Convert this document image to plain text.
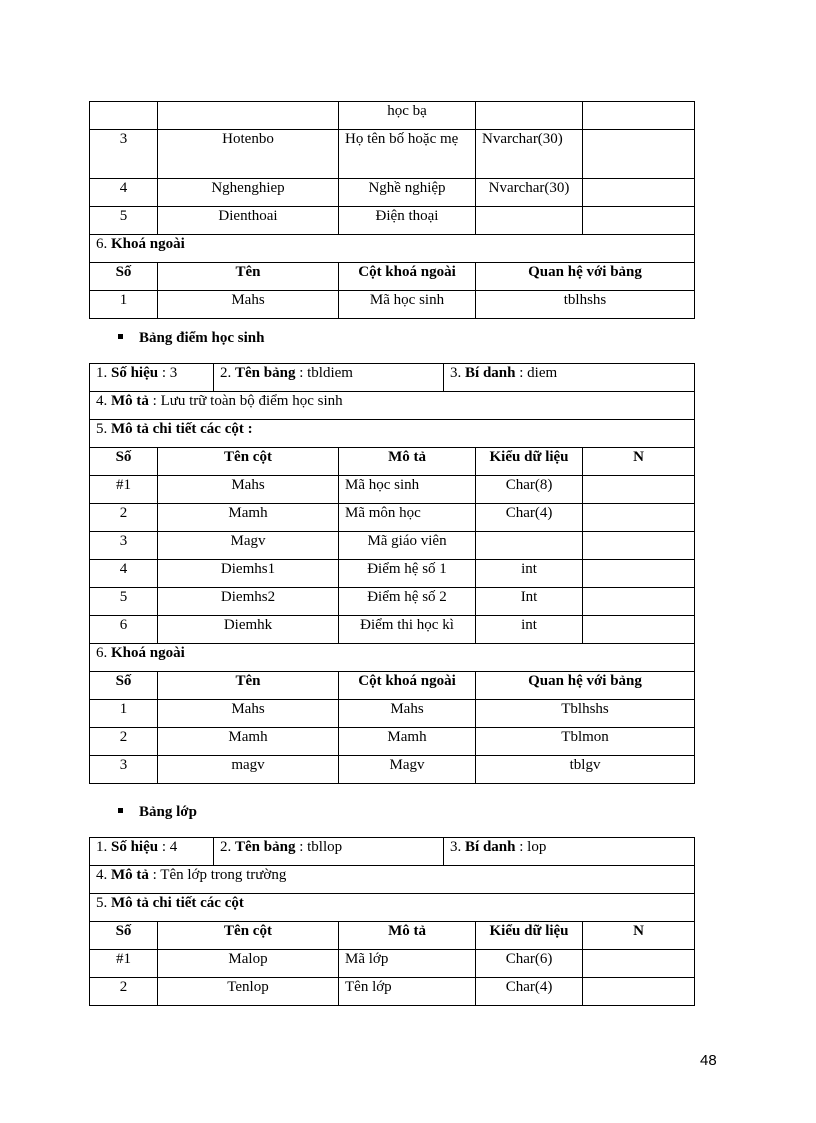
		học bạ		
3	Hotenbo	Họ tên bố hoặc mẹ	Nvarchar(30)	
4	Nghenghiep	Nghề nghiệp	Nvarchar(30)	
5	Dienthoai	Điện thoại		
6. Khoá ngoài				
Số	Tên	Cột khoá ngoài	Quan hệ với bảng	
1	Mahs	Mã học sinh	tblhshs	
Bảng điểm học sinh
1. Số hiệu : 3		2. Tên bảng : tbldiem		3. Bí danh : diem		
4. Mô tả : Lưu trữ toàn bộ điểm học sinh						
5. Mô tả chi tiết các cột :						
Số	Tên cột		Mô tả		Kiểu dữ liệu	N
#1	Mahs		Mã học sinh		Char(8)	
2	Mamh		Mã môn học		Char(4)	
3	Magv		Mã giáo viên			
4	Diemhs1		Điểm hệ số 1		int	
5	Diemhs2		Điểm hệ số 2		Int	
6	Diemhk		Điểm thi học kì		int	
6. Khoá ngoài						
Số	Tên		Cột khoá ngoài		Quan hệ với bảng	
1	Mahs		Mahs		Tblhshs	
2	Mamh		Mamh		Tblmon	
3	magv		Magv		tblgv	
Bảng lớp
1. Số hiệu : 4		2. Tên bảng : tbllop		3. Bí danh : lop		
4. Mô tả : Tên lớp trong trường						
5. Mô tả chi tiết các cột						
Số	Tên cột		Mô tả		Kiểu dữ liệu	N
#1	Malop		Mã lớp		Char(6)	
2	Tenlop		Tên lớp		Char(4)	
48
